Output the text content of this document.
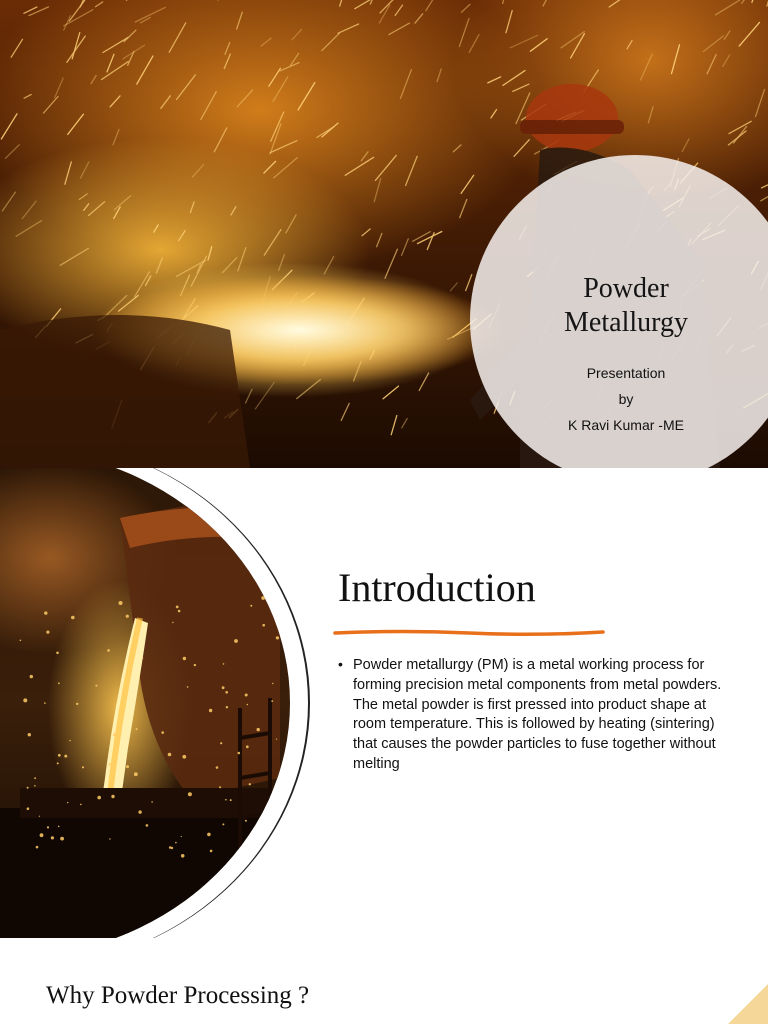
Powder
Metallurgy
Presentation
by
K Ravi Kumar -ME
Introduction
• Powder metallurgy (PM) is a metal working process for forming precision metal components from metal powders. The metal powder is first pressed into product shape at room temperature. This is followed by heating (sintering) that causes the powder particles to fuse together without melting

Why Powder Processing ?
